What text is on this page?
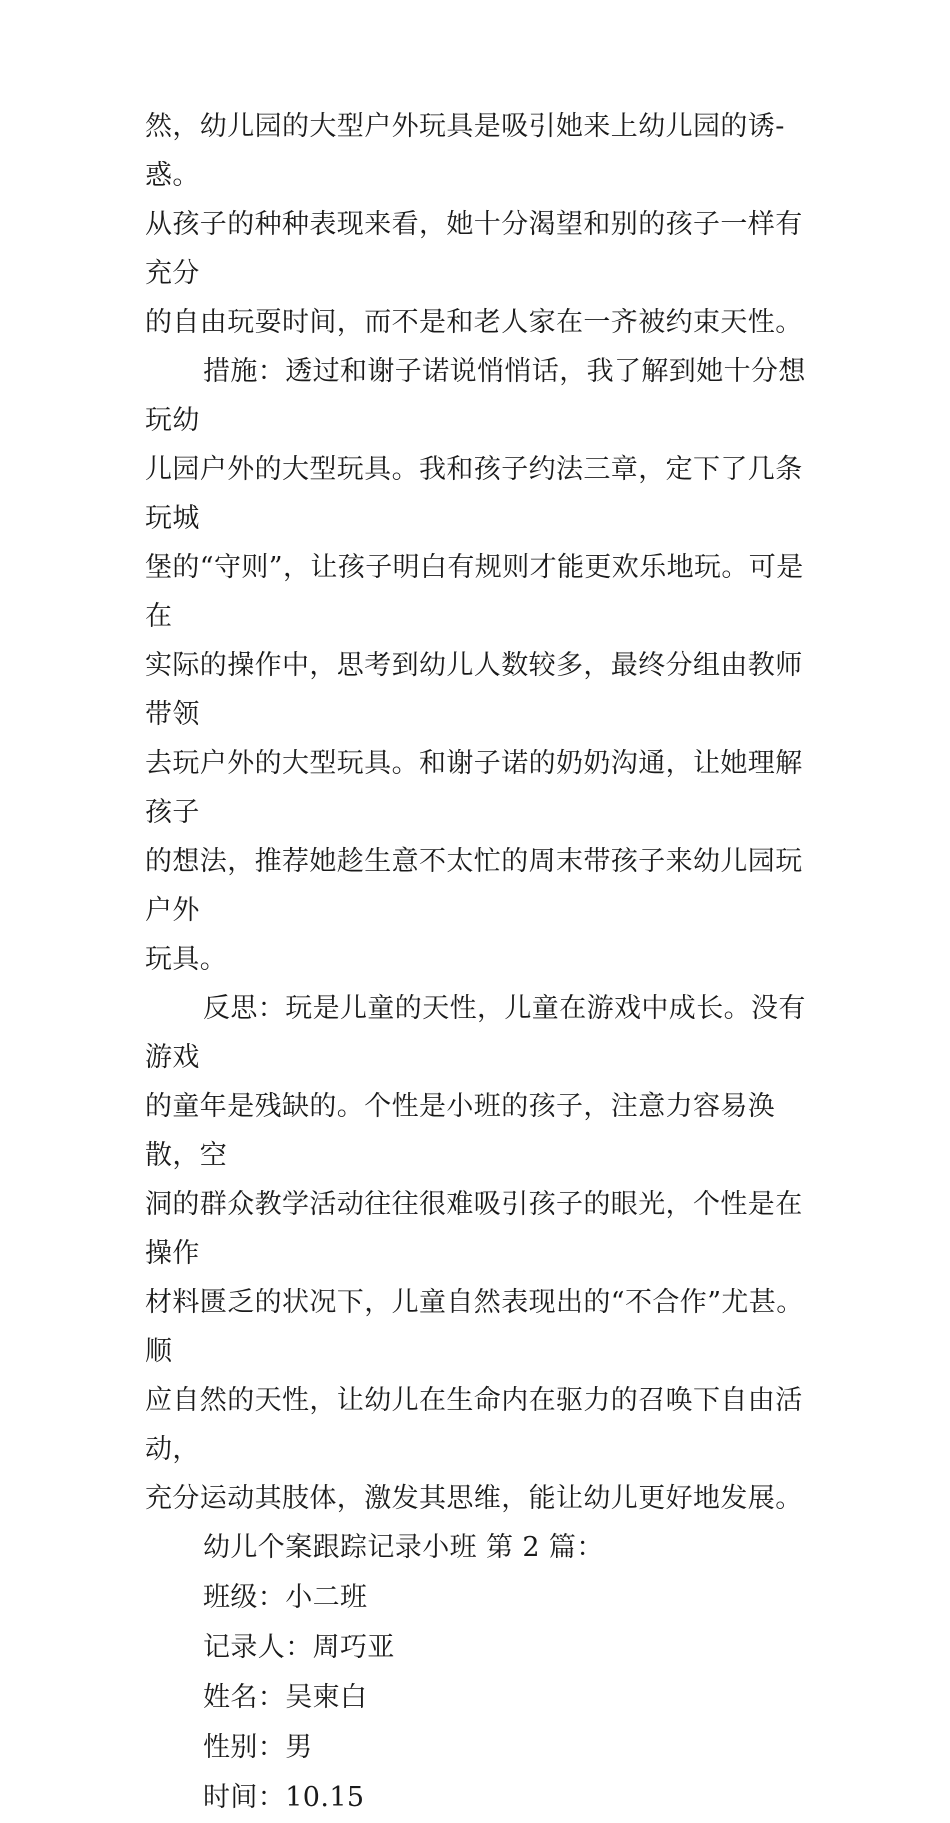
然，幼儿园的大型户外玩具是吸引她来上幼儿园的诱-惑。
从孩子的种种表现来看，她十分渴望和别的孩子一样有充分
的自由玩耍时间，而不是和老人家在一齐被约束天性。

措施：透过和谢子诺说悄悄话，我了解到她十分想玩幼
儿园户外的大型玩具。我和孩子约法三章，定下了几条玩城
堡的“守则”，让孩子明白有规则才能更欢乐地玩。可是在
实际的操作中，思考到幼儿人数较多，最终分组由教师带领
去玩户外的大型玩具。和谢子诺的奶奶沟通，让她理解孩子
的想法，推荐她趁生意不太忙的周末带孩子来幼儿园玩户外
玩具。

反思：玩是儿童的天性，儿童在游戏中成长。没有游戏
的童年是残缺的。个性是小班的孩子，注意力容易涣散，空
洞的群众教学活动往往很难吸引孩子的眼光，个性是在操作
材料匮乏的状况下，儿童自然表现出的“不合作”尤甚。顺
应自然的天性，让幼儿在生命内在驱力的召唤下自由活动，
充分运动其肢体，激发其思维，能让幼儿更好地发展。

幼儿个案跟踪记录小班 第 2 篇：

班级：小二班

记录人：周巧亚

姓名：吴柬白

性别：男

时间：10.15
